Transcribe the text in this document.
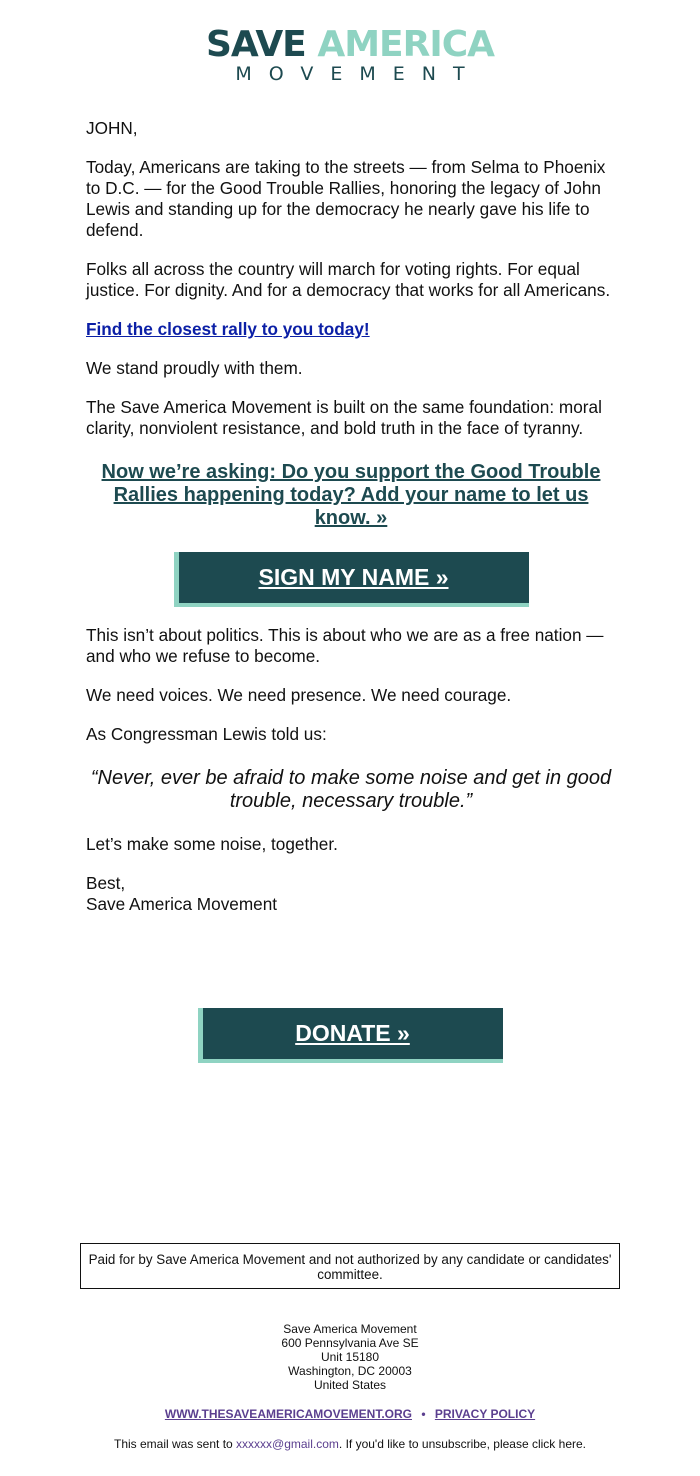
SAVE AMERICA
MOVEMENT

JOHN,

Today, Americans are taking to the streets — from Selma to Phoenix to D.C. — for the Good Trouble Rallies, honoring the legacy of John Lewis and standing up for the democracy he nearly gave his life to defend.

Folks all across the country will march for voting rights. For equal justice. For dignity. And for a democracy that works for all Americans.

Find the closest rally to you today!

We stand proudly with them.

The Save America Movement is built on the same foundation: moral clarity, nonviolent resistance, and bold truth in the face of tyranny.

Now we’re asking: Do you support the Good Trouble Rallies happening today? Add your name to let us know. »
SIGN MY NAME »

This isn’t about politics. This is about who we are as a free nation — and who we refuse to become.

We need voices. We need presence. We need courage.

As Congressman Lewis told us:

“Never, ever be afraid to make some noise and get in good trouble, necessary trouble.”

Let’s make some noise, together.

Best,
Save America Movement

DONATE »
Paid for by Save America Movement and not authorized by any candidate or candidates' committee.
Save America Movement
600 Pennsylvania Ave SE
Unit 15180
Washington, DC 20003
United States
WWW.THESAVEAMERICAMOVEMENT.ORG • PRIVACY POLICY
This email was sent to xxxxxx@gmail.com. If you'd like to unsubscribe, please click here.
